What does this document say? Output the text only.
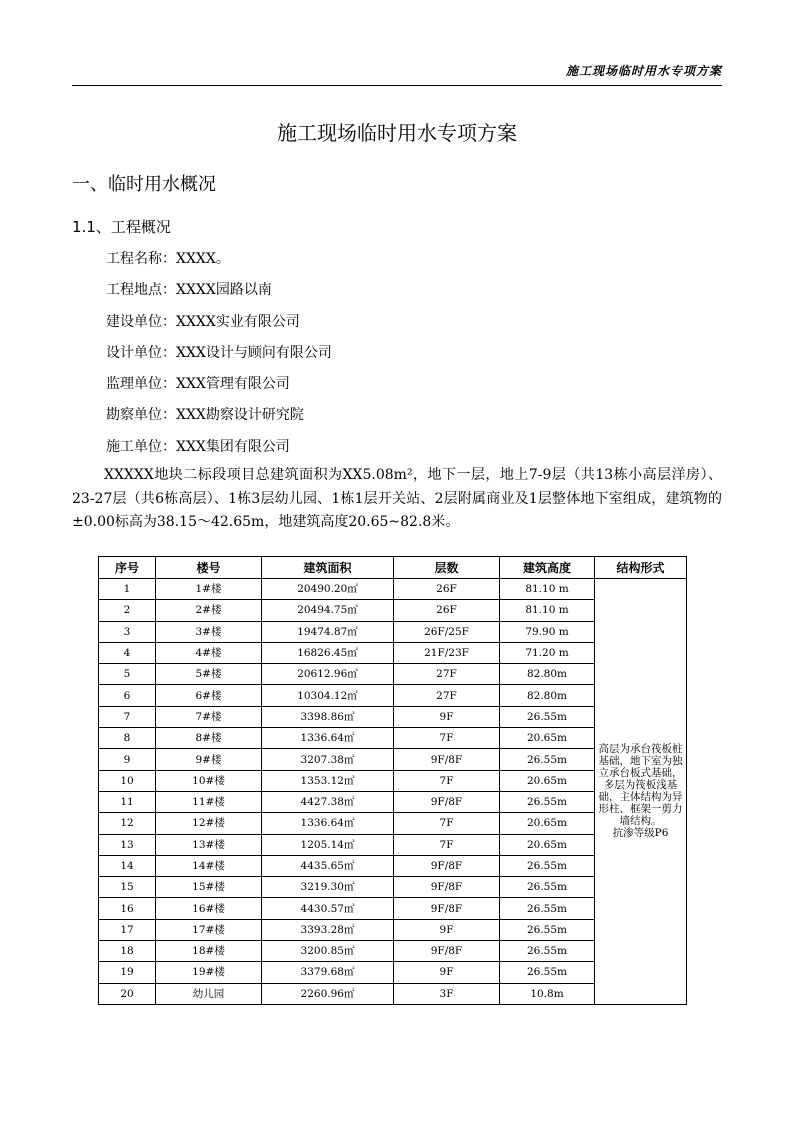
施工现场临时用水专项方案
施工现场临时用水专项方案
一、临时用水概况
1.1、工程概况
工程名称：XXXX。
工程地点：XXXX园路以南
建设单位：XXXX实业有限公司
设计单位：XXX设计与顾问有限公司
监理单位：XXX管理有限公司
勘察单位：XXX勘察设计研究院
施工单位：XXX集团有限公司

XXXXX地块二标段项目总建筑面积为XX5.08m²，地下一层，地上7-9层（共13栋小高层洋房）、23-27层（共6栋高层）、1栋3层幼儿园、1栋1层开关站、2层附属商业及1层整体地下室组成，建筑物的±0.00标高为38.15～42.65m，地建筑高度20.65~82.8米。

序号	楼号	建筑面积	层数	建筑高度	结构形式
1	1#楼	20490.20㎡	26F	81.10 m	高层为承台筏板桩基础，地下室为独立承台板式基础，多层为筏板浅基础，主体结构为异形柱、框架一剪力墙结构。
抗渗等级P6

2	2#楼	20494.75㎡	26F	81.10 m	
3	3#楼	19474.87㎡	26F/25F	79.90 m	
4	4#楼	16826.45㎡	21F/23F	71.20 m	
5	5#楼	20612.96㎡	27F	82.80m	
6	6#楼	10304.12㎡	27F	82.80m	
7	7#楼	3398.86㎡	9F	26.55m	
8	8#楼	1336.64㎡	7F	20.65m	
9	9#楼	3207.38㎡	9F/8F	26.55m	
10	10#楼	1353.12㎡	7F	20.65m	
11	11#楼	4427.38㎡	9F/8F	26.55m	
12	12#楼	1336.64㎡	7F	20.65m	
13	13#楼	1205.14㎡	7F	20.65m	
14	14#楼	4435.65㎡	9F/8F	26.55m	
15	15#楼	3219.30㎡	9F/8F	26.55m	
16	16#楼	4430.57㎡	9F/8F	26.55m	
17	17#楼	3393.28㎡	9F	26.55m	
18	18#楼	3200.85㎡	9F/8F	26.55m	
19	19#楼	3379.68㎡	9F	26.55m	
20	幼儿园	2260.96㎡	3F	10.8m	
